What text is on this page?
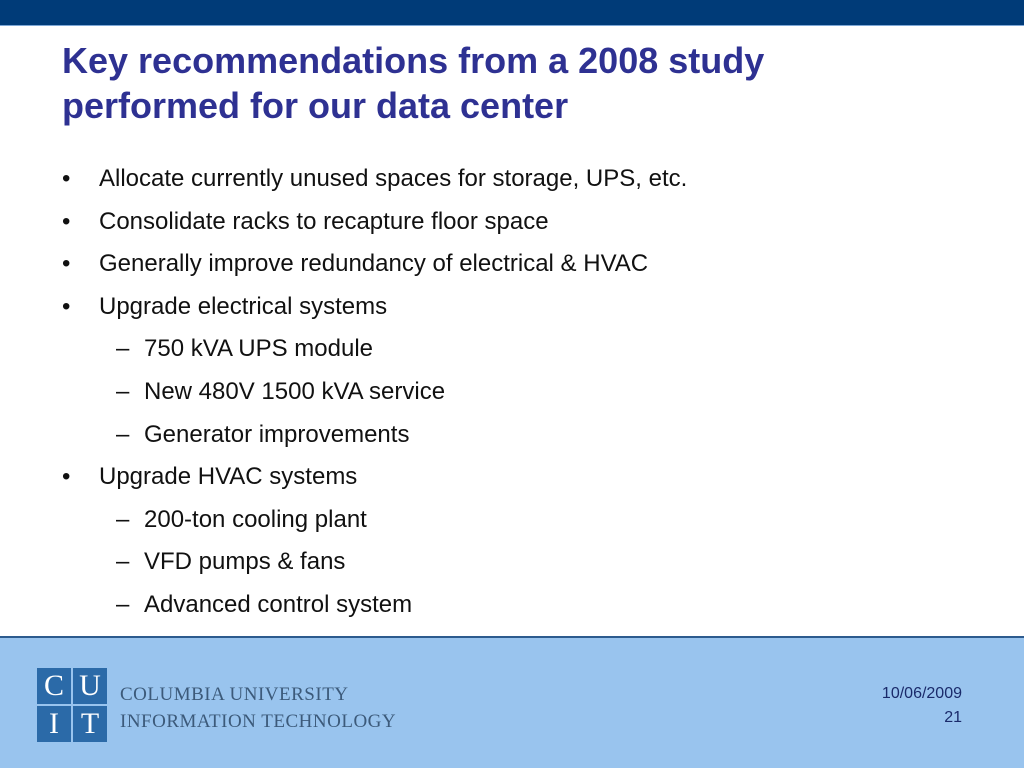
Key recommendations from a 2008 study
performed for our data center
• Allocate currently unused spaces for storage, UPS, etc.
• Consolidate racks to recapture floor space
• Generally improve redundancy of electrical & HVAC
• Upgrade electrical systems
– 750 kVA UPS module
– New 480V 1500 kVA service
– Generator improvements
• Upgrade HVAC systems
– 200-ton cooling plant
– VFD pumps & fans
– Advanced control system
C U
I T
COLUMBIA UNIVERSITY
INFORMATION TECHNOLOGY
10/06/2009
21
